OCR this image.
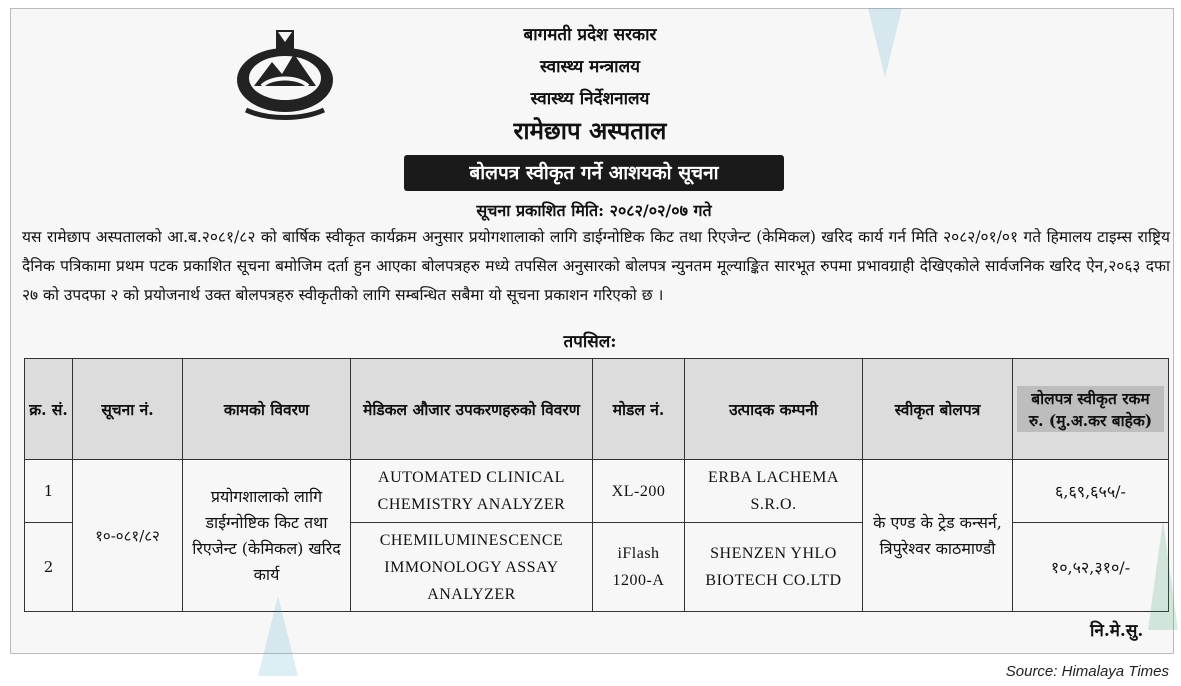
बागमती प्रदेश सरकार
स्वास्थ्य मन्त्रालय
स्वास्थ्य निर्देशनालय
रामेछाप अस्पताल
बोलपत्र स्वीकृत गर्ने आशयको सूचना
सूचना प्रकाशित मिति: २०८२/०२/०७ गते
यस रामेछाप अस्पतालको आ.ब.२०८१/८२ को बार्षिक स्वीकृत कार्यक्रम अनुसार प्रयोगशालाको लागि डाईग्नोष्टिक किट तथा रिएजेन्ट (केमिकल) खरिद कार्य गर्न मिति २०८२/०१/०१ गते हिमालय टाइम्स राष्ट्रिय दैनिक पत्रिकामा प्रथम पटक प्रकाशित सूचना बमोजिम दर्ता हुन आएका बोलपत्रहरु मध्ये तपसिल अनुसारको बोलपत्र न्युनतम मूल्याङ्कित सारभूत रुपमा प्रभावग्राही देखिएकोले सार्वजनिक खरिद ऐन,२०६३ दफा २७ को उपदफा २ को प्रयोजनार्थ उक्त बोलपत्रहरु स्वीकृतीको लागि सम्बन्धित सबैमा यो सूचना प्रकाशन गरिएको छ ।
तपसिल:
क्र. सं.	सूचना नं.	कामको विवरण	मेडिकल औजार उपकरणहरुको विवरण	मोडल नं.	उत्पादक कम्पनी	स्वीकृत बोलपत्र	बोलपत्र स्वीकृत रकम रु. (मु.अ.कर बाहेक)
1	१०-०८१/८२	प्रयोगशालाको लागि डाईग्नोष्टिक किट तथा रिएजेन्ट (केमिकल) खरिद कार्य	AUTOMATED CLINICAL CHEMISTRY ANALYZER	XL-200	ERBA LACHEMA S.R.O.	के एण्ड के ट्रेड कन्सर्न, त्रिपुरेश्वर काठमाण्डौ	६,६९,६५५/-
2			CHEMILUMINESCENCE IMMONOLOGY ASSAY ANALYZER	iFlash 1200-A	SHENZEN YHLO BIOTECH CO.LTD		१०,५२,३१०/-
नि.मे.सु.
Source: Himalaya Times
